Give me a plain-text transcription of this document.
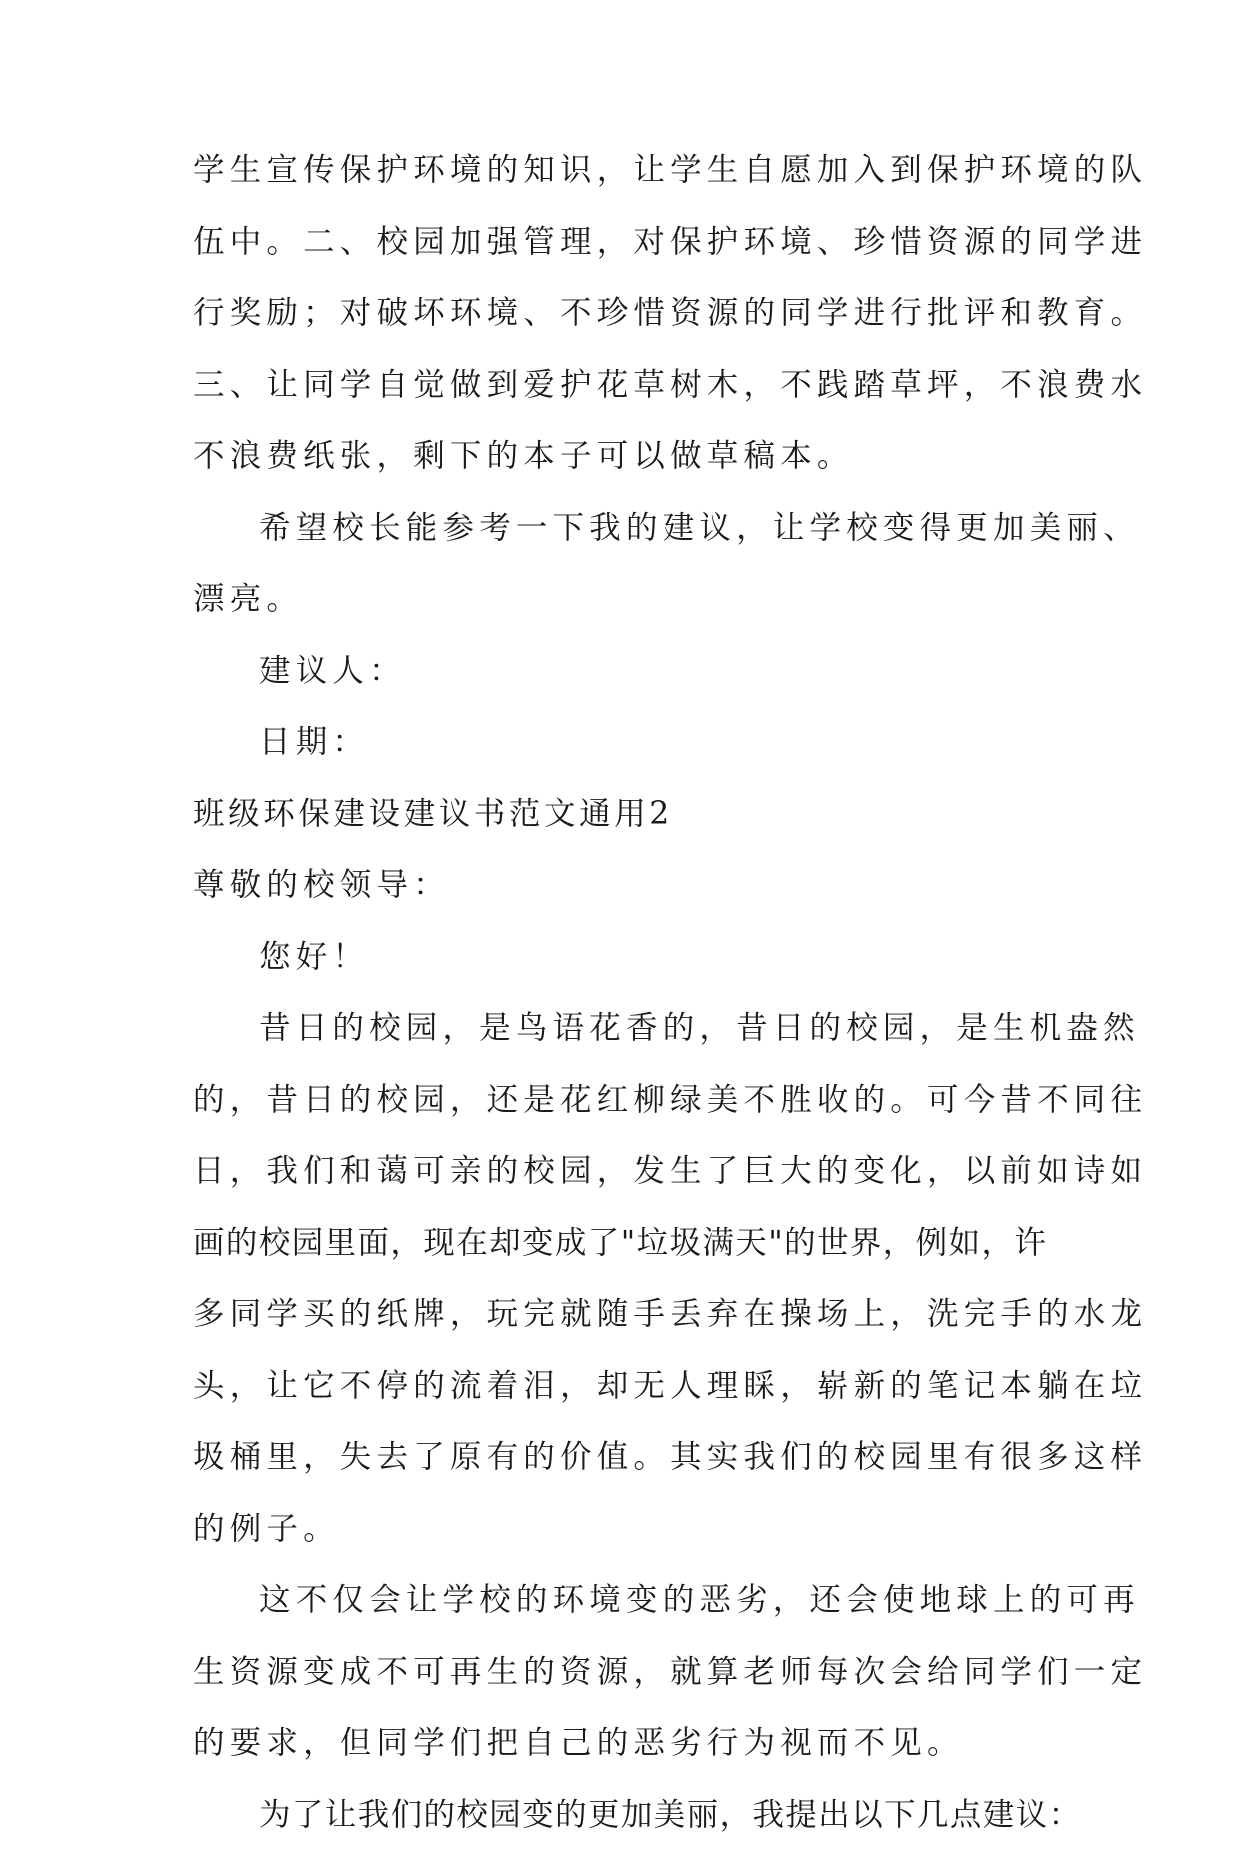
学生宣传保护环境的知识，让学生自愿加入到保护环境的队
伍中。二、校园加强管理，对保护环境、珍惜资源的同学进
行奖励；对破坏环境、不珍惜资源的同学进行批评和教育。
三、让同学自觉做到爱护花草树木，不践踏草坪，不浪费水
不浪费纸张，剩下的本子可以做草稿本。
希望校长能参考一下我的建议，让学校变得更加美丽、
漂亮。
建议人：
日期：
班级环保建设建议书范文通用2
尊敬的校领导：
您好！
昔日的校园，是鸟语花香的，昔日的校园，是生机盎然
的，昔日的校园，还是花红柳绿美不胜收的。可今昔不同往
日，我们和蔼可亲的校园，发生了巨大的变化，以前如诗如
画的校园里面，现在却变成了"垃圾满天"的世界，例如，许
多同学买的纸牌，玩完就随手丢弃在操场上，洗完手的水龙
头，让它不停的流着泪，却无人理睬，崭新的笔记本躺在垃
圾桶里，失去了原有的价值。其实我们的校园里有很多这样
的例子。
这不仅会让学校的环境变的恶劣，还会使地球上的可再
生资源变成不可再生的资源，就算老师每次会给同学们一定
的要求，但同学们把自己的恶劣行为视而不见。
为了让我们的校园变的更加美丽，我提出以下几点建议：
